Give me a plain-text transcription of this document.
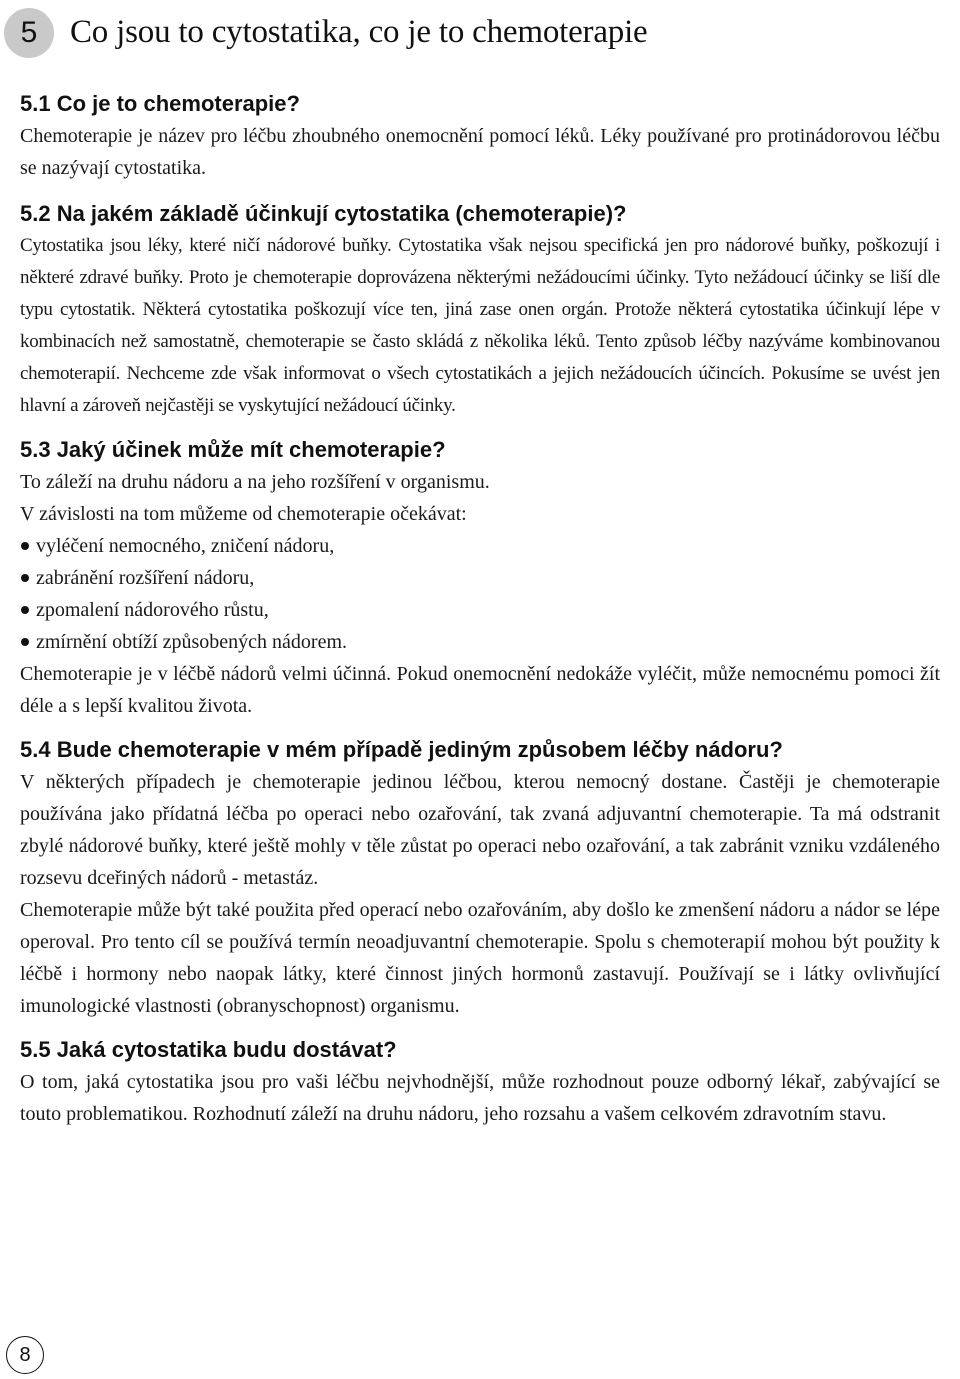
5 Co jsou to cytostatika, co je to chemoterapie
5.1 Co je to chemoterapie?

Chemoterapie je název pro léčbu zhoubného onemocnění pomocí léků. Léky používané pro protinádorovou léčbu se nazývají cytostatika.

5.2 Na jakém základě účinkují cytostatika (chemoterapie)?

Cytostatika jsou léky, které ničí nádorové buňky. Cytostatika však nejsou specifická jen pro nádorové buňky, poškozují i některé zdravé buňky. Proto je chemoterapie doprovázena některými nežádoucími účinky. Tyto nežádoucí účinky se liší dle typu cytostatik. Některá cytostatika poškozují více ten, jiná zase onen orgán. Protože některá cytostatika účinkují lépe v kombinacích než samostatně, chemoterapie se často skládá z několika léků. Tento způsob léčby nazýváme kombinovanou chemoterapií. Nechceme zde však informovat o všech cytostatikách a jejich nežádoucích účincích. Pokusíme se uvést jen hlavní a zároveň nejčastěji se vyskytující nežádoucí účinky.

5.3 Jaký účinek může mít chemoterapie?

To záleží na druhu nádoru a na jeho rozšíření v organismu.

V závislosti na tom můžeme od chemoterapie očekávat:

vyléčení nemocného, zničení nádoru,
zabránění rozšíření nádoru,
zpomalení nádorového růstu,
zmírnění obtíží způsobených nádorem.

Chemoterapie je v léčbě nádorů velmi účinná. Pokud onemocnění nedokáže vyléčit, může nemocnému pomoci žít déle a s lepší kvalitou života.

5.4 Bude chemoterapie v mém případě jediným způsobem léčby nádoru?

V některých případech je chemoterapie jedinou léčbou, kterou nemocný dostane. Častěji je chemoterapie používána jako přídatná léčba po operaci nebo ozařování, tak zvaná adjuvantní chemoterapie. Ta má odstranit zbylé nádorové buňky, které ještě mohly v těle zůstat po operaci nebo ozařování, a tak zabránit vzniku vzdáleného rozsevu dceřiných nádorů - metastáz.

Chemoterapie může být také použita před operací nebo ozařováním, aby došlo ke zmenšení nádoru a nádor se lépe operoval. Pro tento cíl se používá termín neoadjuvantní chemoterapie. Spolu s chemoterapií mohou být použity k léčbě i hormony nebo naopak látky, které činnost jiných hormonů zastavují. Používají se i látky ovlivňující imunologické vlastnosti (obranyschopnost) organismu.

5.5 Jaká cytostatika budu dostávat?

O tom, jaká cytostatika jsou pro vaši léčbu nejvhodnější, může rozhodnout pouze odborný lékař, zabývající se touto problematikou. Rozhodnutí záleží na druhu nádoru, jeho rozsahu a vašem celkovém zdravotním stavu.

8
